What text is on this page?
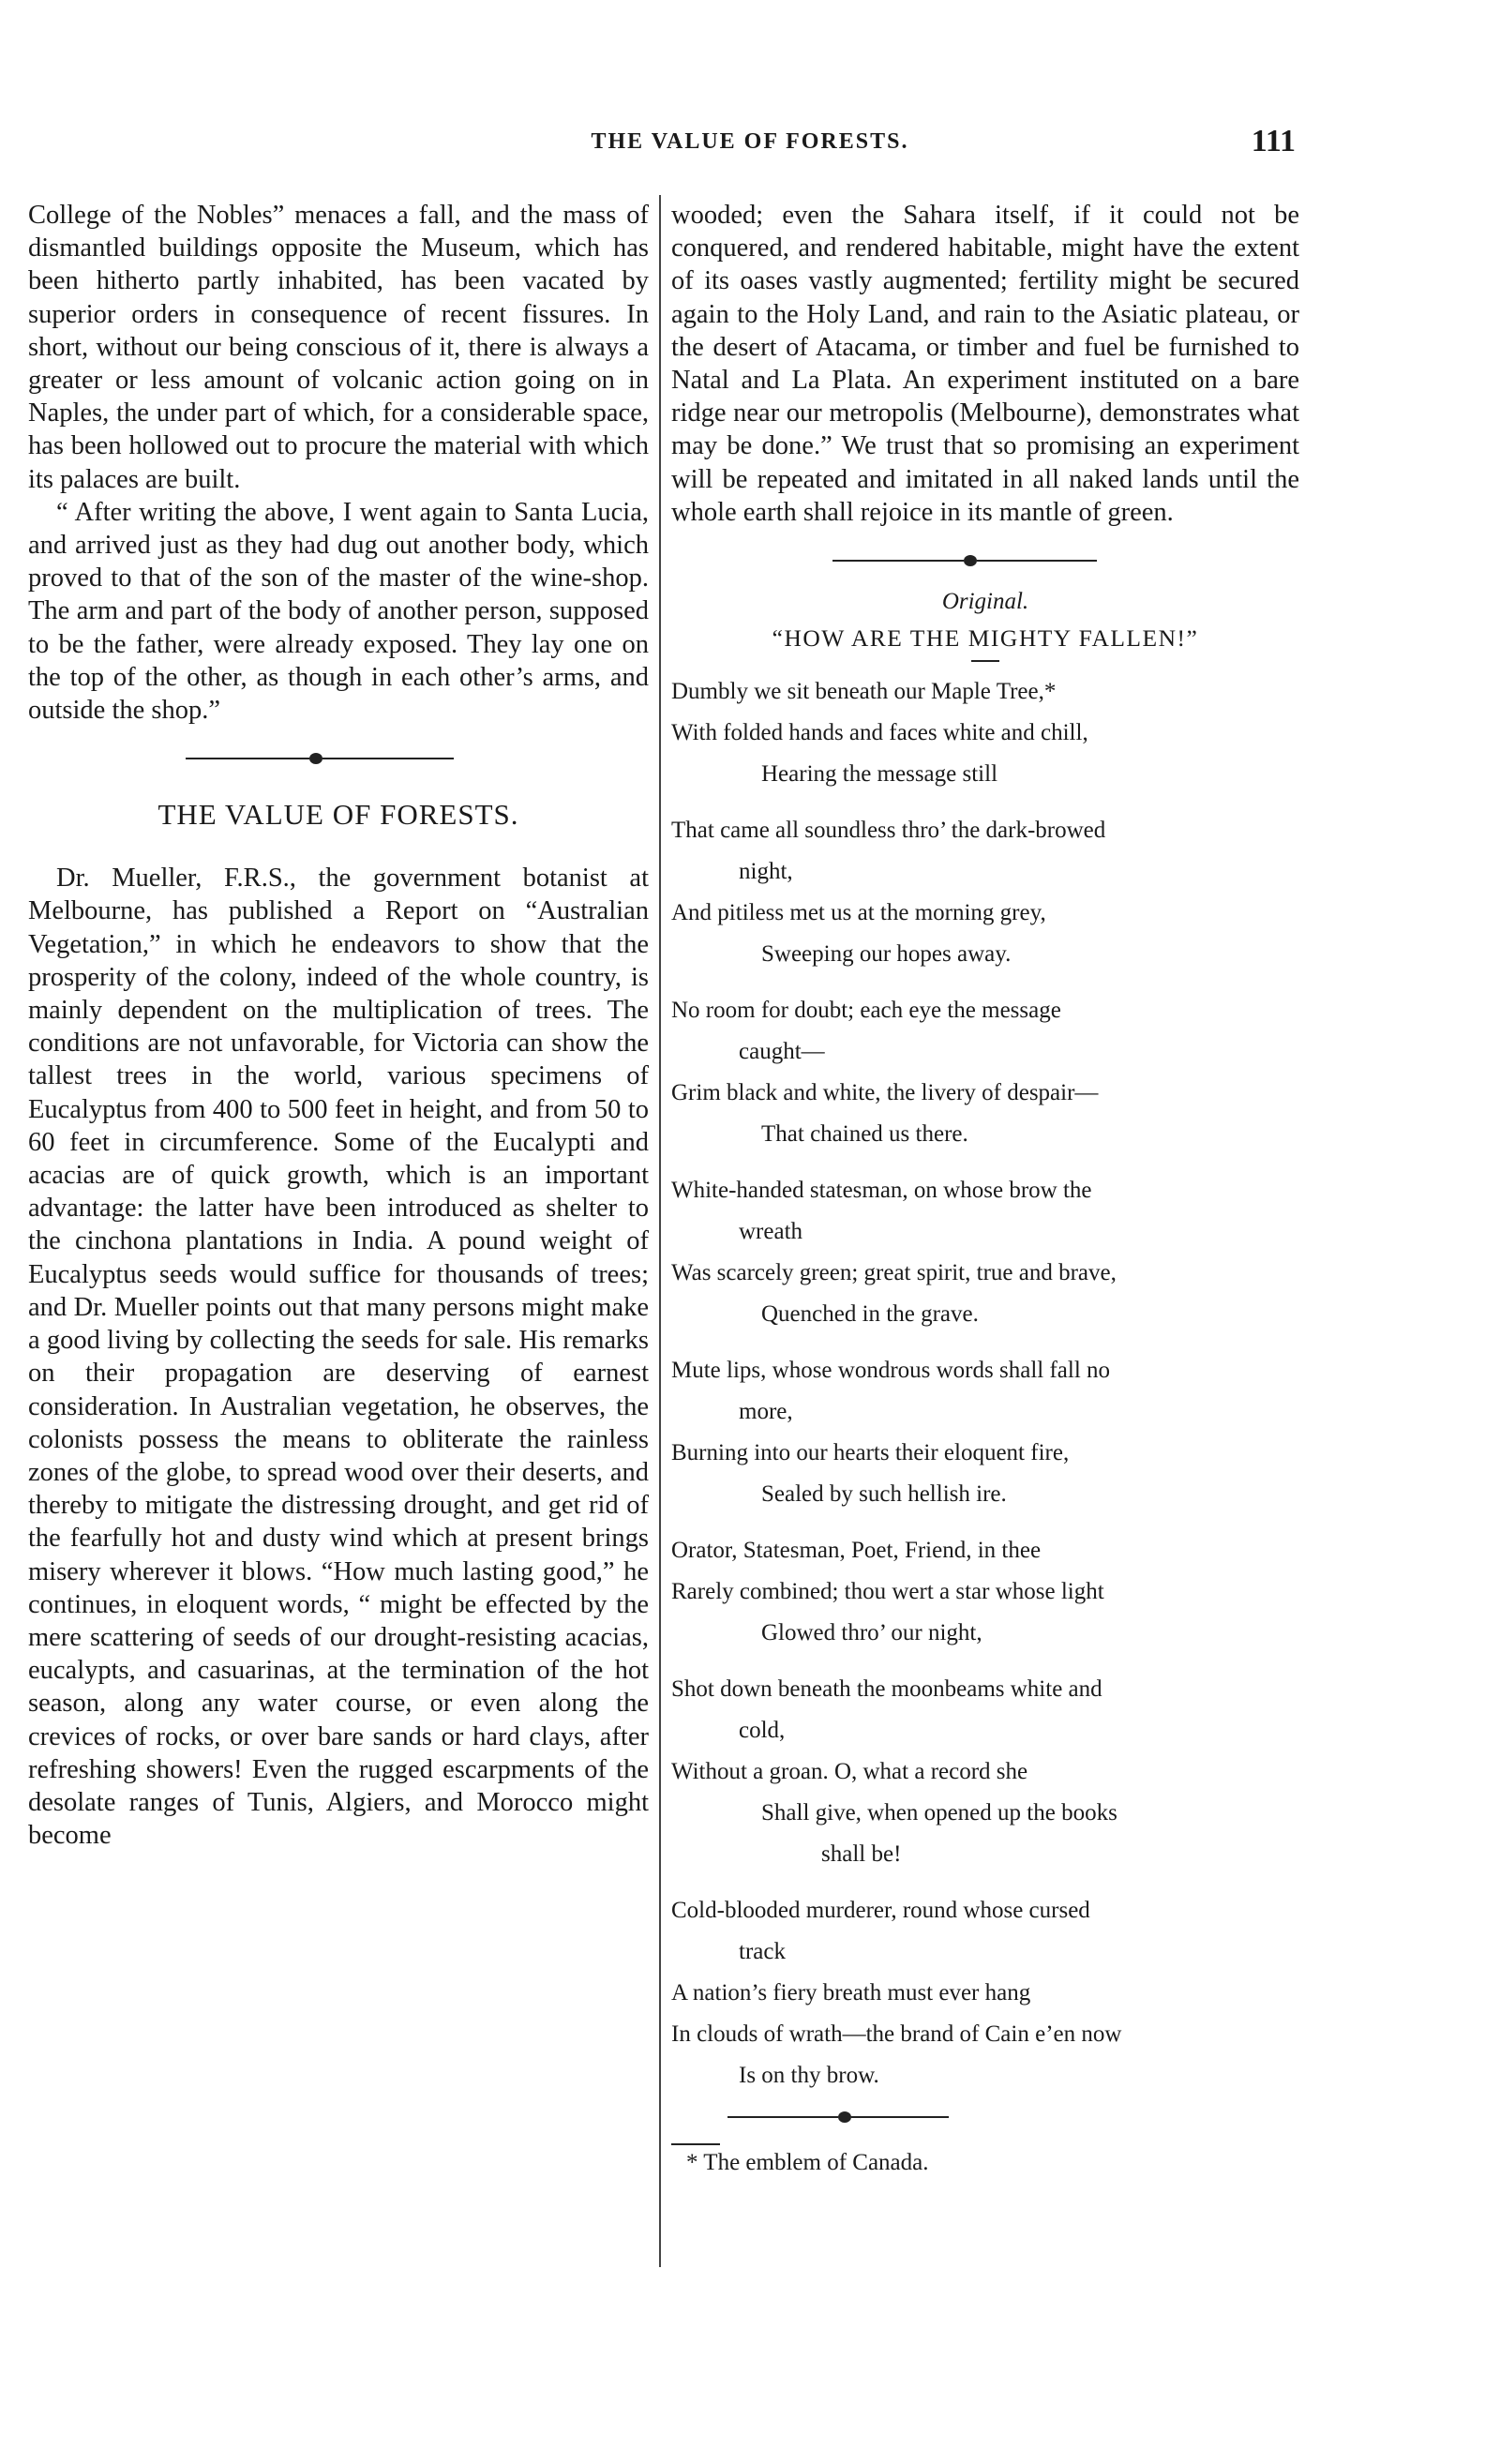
THE VALUE OF FORESTS.	111

College of the Nobles” menaces a fall, and the mass of dismantled buildings opposite the Museum, which has been hitherto partly inhabited, has been vacated by superior orders in consequence of recent fissures. In short, without our being conscious of it, there is always a greater or less amount of volcanic action going on in Naples, the under part of which, for a considerable space, has been hollowed out to procure the material with which its palaces are built.

“ After writing the above, I went again to Santa Lucia, and arrived just as they had dug out another body, which proved to that of the son of the master of the wine-shop. The arm and part of the body of another person, supposed to be the father, were already exposed. They lay one on the top of the other, as though in each other’s arms, and outside the shop.”

THE VALUE OF FORESTS.

Dr. Mueller, F.R.S., the government botanist at Melbourne, has published a Report on “Australian Vegetation,” in which he endeavors to show that the prosperity of the colony, indeed of the whole country, is mainly dependent on the multiplication of trees. The conditions are not unfavorable, for Victoria can show the tallest trees in the world, various specimens of Eucalyptus from 400 to 500 feet in height, and from 50 to 60 feet in circumference. Some of the Eucalypti and acacias are of quick growth, which is an important advantage: the latter have been introduced as shelter to the cinchona plantations in India. A pound weight of Eucalyptus seeds would suffice for thousands of trees; and Dr. Mueller points out that many persons might make a good living by collecting the seeds for sale. His remarks on their propagation are deserving of earnest consideration. In Australian vegetation, he observes, the colonists possess the means to obliterate the rainless zones of the globe, to spread wood over their deserts, and thereby to mitigate the distressing drought, and get rid of the fearfully hot and dusty wind which at present brings misery wherever it blows. “How much lasting good,” he continues, in eloquent words, “ might be effected by the mere scattering of seeds of our drought-resisting acacias, eucalypts, and casuarinas, at the termination of the hot season, along any water course, or even along the crevices of rocks, or over bare sands or hard clays, after refreshing showers! Even the rugged escarpments of the desolate ranges of Tunis, Algiers, and Morocco might become

wooded; even the Sahara itself, if it could not be conquered, and rendered habitable, might have the extent of its oases vastly augmented; fertility might be secured again to the Holy Land, and rain to the Asiatic plateau, or the desert of Atacama, or timber and fuel be furnished to Natal and La Plata. An experiment instituted on a bare ridge near our metropolis (Melbourne), demonstrates what may be done.” We trust that so promising an experiment will be repeated and imitated in all naked lands until the whole earth shall rejoice in its mantle of green.

Original.
“HOW ARE THE MIGHTY FALLEN!”
Dumbly we sit beneath our Maple Tree,*
With folded hands and faces white and chill,
Hearing the message still
That came all soundless thro’ the dark-browed
night,
And pitiless met us at the morning grey,
Sweeping our hopes away.
No room for doubt; each eye the message
caught—
Grim black and white, the livery of despair—
That chained us there.
White-handed statesman, on whose brow the
wreath
Was scarcely green; great spirit, true and brave,
Quenched in the grave.
Mute lips, whose wondrous words shall fall no
more,
Burning into our hearts their eloquent fire,
Sealed by such hellish ire.
Orator, Statesman, Poet, Friend, in thee
Rarely combined; thou wert a star whose light
Glowed thro’ our night,
Shot down beneath the moonbeams white and
cold,
Without a groan. O, what a record she
Shall give, when opened up the books
shall be!
Cold-blooded murderer, round whose cursed
track
A nation’s fiery breath must ever hang
In clouds of wrath—the brand of Cain e’en now
Is on thy brow.
* The emblem of Canada.
